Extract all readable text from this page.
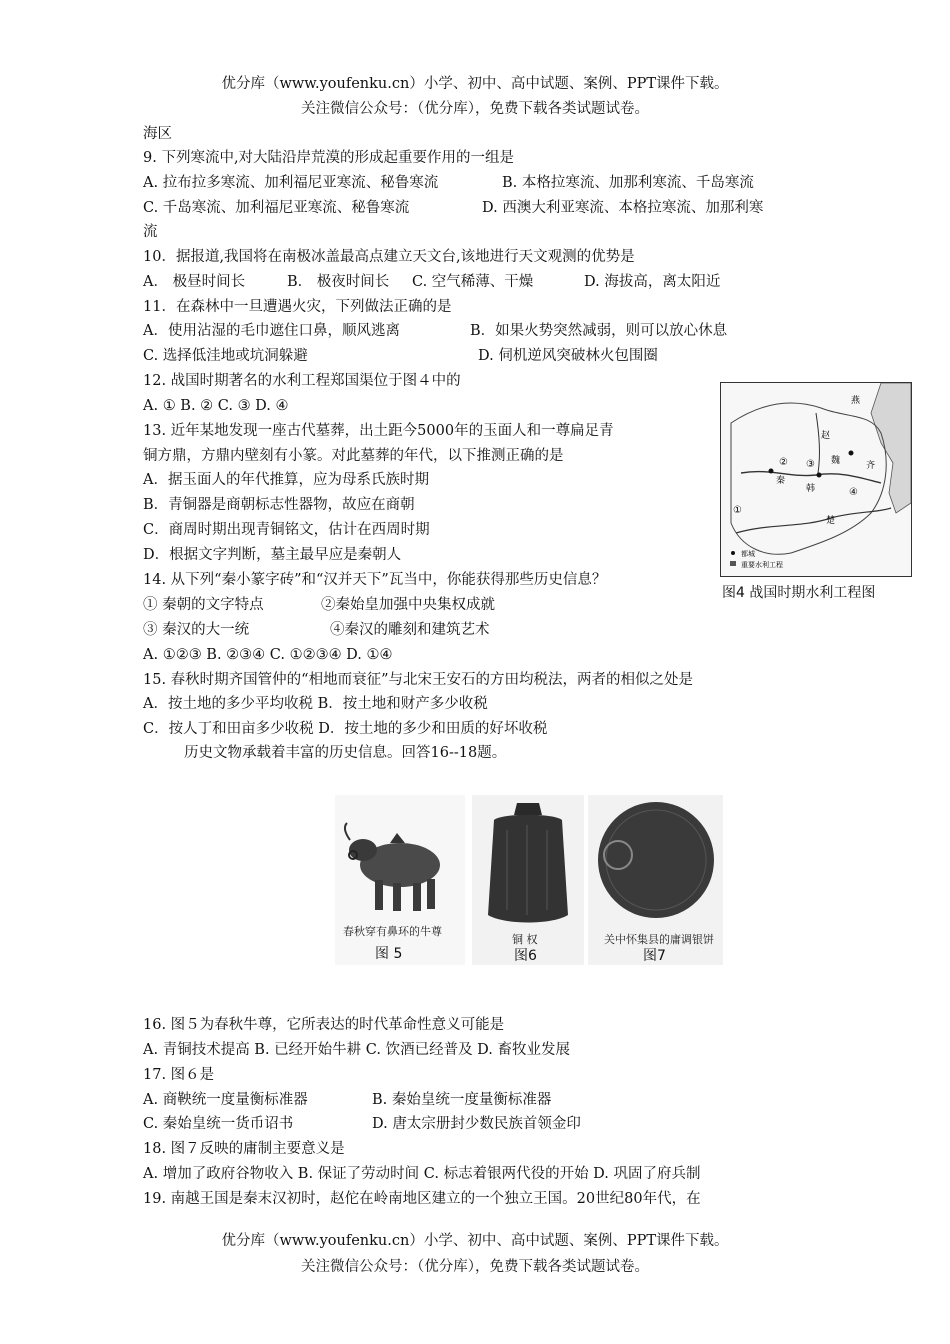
优分库（www.youfenku.cn）小学、初中、高中试题、案例、PPT课件下载。
关注微信公众号：（优分库），免费下载各类试题试卷。
海区
9. 下列寒流中,对大陆沿岸荒漠的形成起重要作用的一组是
A. 拉布拉多寒流、加利福尼亚寒流、秘鲁寒流	B. 本格拉寒流、加那利寒流、千岛寒流
C. 千岛寒流、加利福尼亚寒流、秘鲁寒流	D. 西澳大利亚寒流、本格拉寒流、加那利寒
流
10．据报道,我国将在南极冰盖最高点建立天文台,该地进行天文观测的优势是
A． 极昼时间长	B． 极夜时间长 C. 空气稀薄、干燥	D. 海拔高，离太阳近
11．在森林中一旦遭遇火灾，下列做法正确的是
A．使用沾湿的毛巾遮住口鼻，顺风逃离	B．如果火势突然减弱，则可以放心休息
C. 选择低洼地或坑洞躲避	D. 伺机逆风突破林火包围圈
12. 战国时期著名的水利工程郑国渠位于图４中的
A. ① B. ② C. ③ D. ④	燕
赵
魏	齐
秦
韩
楚
①
② ③
④
都城
重要水利工程
图4 战国时期水利工程图
13. 近年某地发现一座古代墓葬，出土距今5000年的玉面人和一尊扁足青
铜方鼎，方鼎内壁刻有小篆。对此墓葬的年代，以下推测正确的是
A．据玉面人的年代推算，应为母系氏族时期
B．青铜器是商朝标志性器物，故应在商朝
C．商周时期出现青铜铭文，估计在西周时期
D．根据文字判断，墓主最早应是秦朝人
14. 从下列“秦小篆字砖”和“汉并天下”瓦当中，你能获得那些历史信息？
① 秦朝的文字特点	②秦始皇加强中央集权成就
③ 秦汉的大一统	④秦汉的雕刻和建筑艺术
A. ①②③ B. ②③④ C. ①②③④ D. ①④
15. 春秋时期齐国管仲的“相地而衰征”与北宋王安石的方田均税法，两者的相似之处是
A．按土地的多少平均收税 B．按土地和财产多少收税
C．按人丁和田亩多少收税 D．按土地的多少和田质的好坏收税
历史文物承载着丰富的历史信息。回答16--18题。
春秋穿有鼻环的牛尊
图 5
铜 权
图6
关中怀集县的庸调银饼
图7
16. 图５为春秋牛尊，它所表达的时代革命性意义可能是
A. 青铜技术提高 B. 已经开始牛耕 C. 饮酒已经普及 D. 畜牧业发展
17. 图６是
A. 商鞅统一度量衡标准器	B. 秦始皇统一度量衡标准器
C. 秦始皇统一货币诏书	D. 唐太宗册封少数民族首领金印
18. 图７反映的庸制主要意义是
A. 增加了政府谷物收入 B. 保证了劳动时间 C. 标志着银两代役的开始 D. 巩固了府兵制
19. 南越王国是秦末汉初时，赵佗在岭南地区建立的一个独立王国。20世纪80年代，在
优分库（www.youfenku.cn）小学、初中、高中试题、案例、PPT课件下载。
关注微信公众号：（优分库），免费下载各类试题试卷。
